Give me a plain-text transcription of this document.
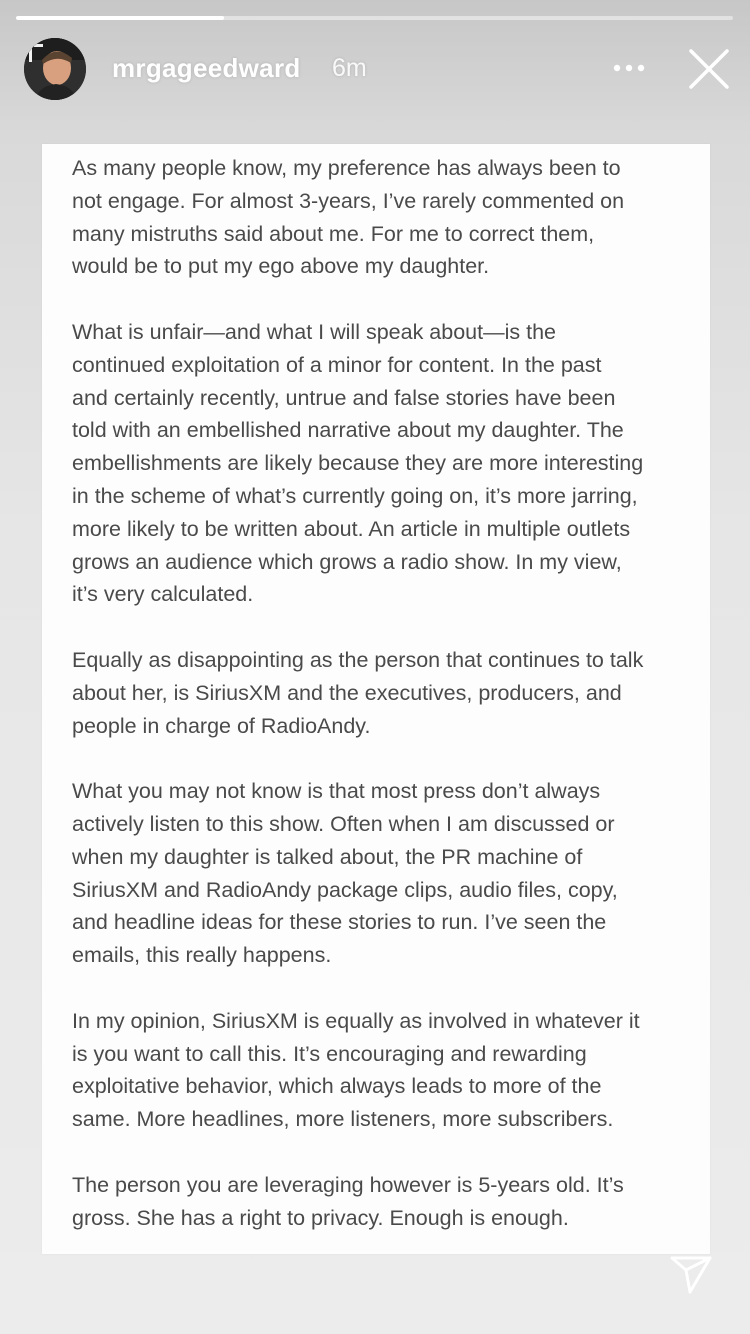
mrgageedward 6m
As many people know, my preference has always been to
not engage. For almost 3-years, I’ve rarely commented on
many mistruths said about me. For me to correct them,
would be to put my ego above my daughter.
What is unfair—and what I will speak about—is the
continued exploitation of a minor for content. In the past
and certainly recently, untrue and false stories have been
told with an embellished narrative about my daughter. The
embellishments are likely because they are more interesting
in the scheme of what’s currently going on, it’s more jarring,
more likely to be written about. An article in multiple outlets
grows an audience which grows a radio show. In my view,
it’s very calculated.
Equally as disappointing as the person that continues to talk
about her, is SiriusXM and the executives, producers, and
people in charge of RadioAndy.
What you may not know is that most press don’t always
actively listen to this show. Often when I am discussed or
when my daughter is talked about, the PR machine of
SiriusXM and RadioAndy package clips, audio files, copy,
and headline ideas for these stories to run. I’ve seen the
emails, this really happens.
In my opinion, SiriusXM is equally as involved in whatever it
is you want to call this. It’s encouraging and rewarding
exploitative behavior, which always leads to more of the
same. More headlines, more listeners, more subscribers.
The person you are leveraging however is 5-years old. It’s
gross. She has a right to privacy. Enough is enough.
